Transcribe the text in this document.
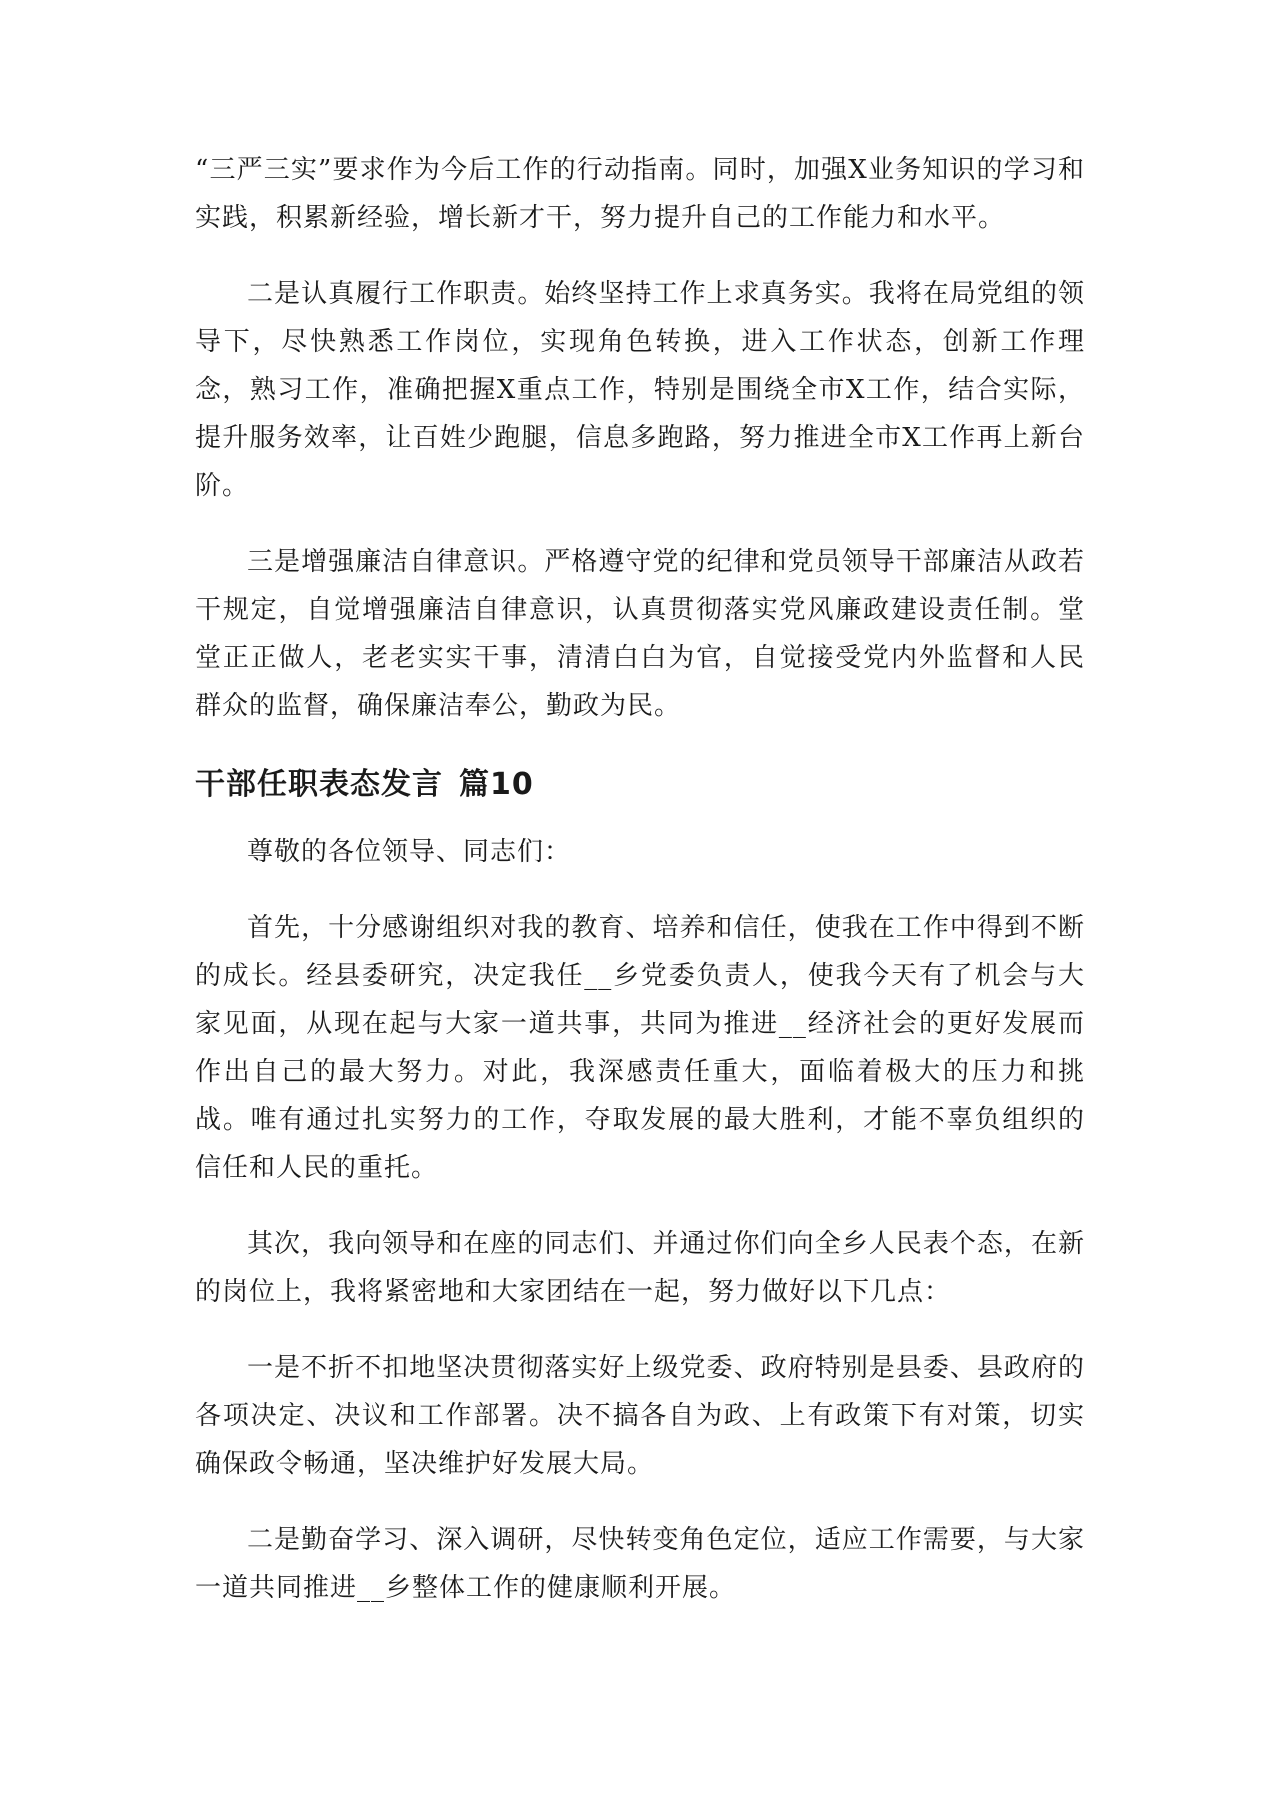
“三严三实”要求作为今后工作的行动指南。同时，加强X业务知识的学习和实践，积累新经验，增长新才干，努力提升自己的工作能力和水平。

二是认真履行工作职责。始终坚持工作上求真务实。我将在局党组的领导下，尽快熟悉工作岗位，实现角色转换，进入工作状态，创新工作理念，熟习工作，准确把握X重点工作，特别是围绕全市X工作，结合实际，提升服务效率，让百姓少跑腿，信息多跑路，努力推进全市X工作再上新台阶。

三是增强廉洁自律意识。严格遵守党的纪律和党员领导干部廉洁从政若干规定，自觉增强廉洁自律意识，认真贯彻落实党风廉政建设责任制。堂堂正正做人，老老实实干事，清清白白为官，自觉接受党内外监督和人民群众的监督，确保廉洁奉公，勤政为民。

干部任职表态发言 篇10

尊敬的各位领导、同志们：

首先，十分感谢组织对我的教育、培养和信任，使我在工作中得到不断的成长。经县委研究，决定我任__乡党委负责人，使我今天有了机会与大家见面，从现在起与大家一道共事，共同为推进__经济社会的更好发展而作出自己的最大努力。对此，我深感责任重大，面临着极大的压力和挑战。唯有通过扎实努力的工作，夺取发展的最大胜利，才能不辜负组织的信任和人民的重托。

其次，我向领导和在座的同志们、并通过你们向全乡人民表个态，在新的岗位上，我将紧密地和大家团结在一起，努力做好以下几点：

一是不折不扣地坚决贯彻落实好上级党委、政府特别是县委、县政府的各项决定、决议和工作部署。决不搞各自为政、上有政策下有对策，切实确保政令畅通，坚决维护好发展大局。

二是勤奋学习、深入调研，尽快转变角色定位，适应工作需要，与大家一道共同推进__乡整体工作的健康顺利开展。
